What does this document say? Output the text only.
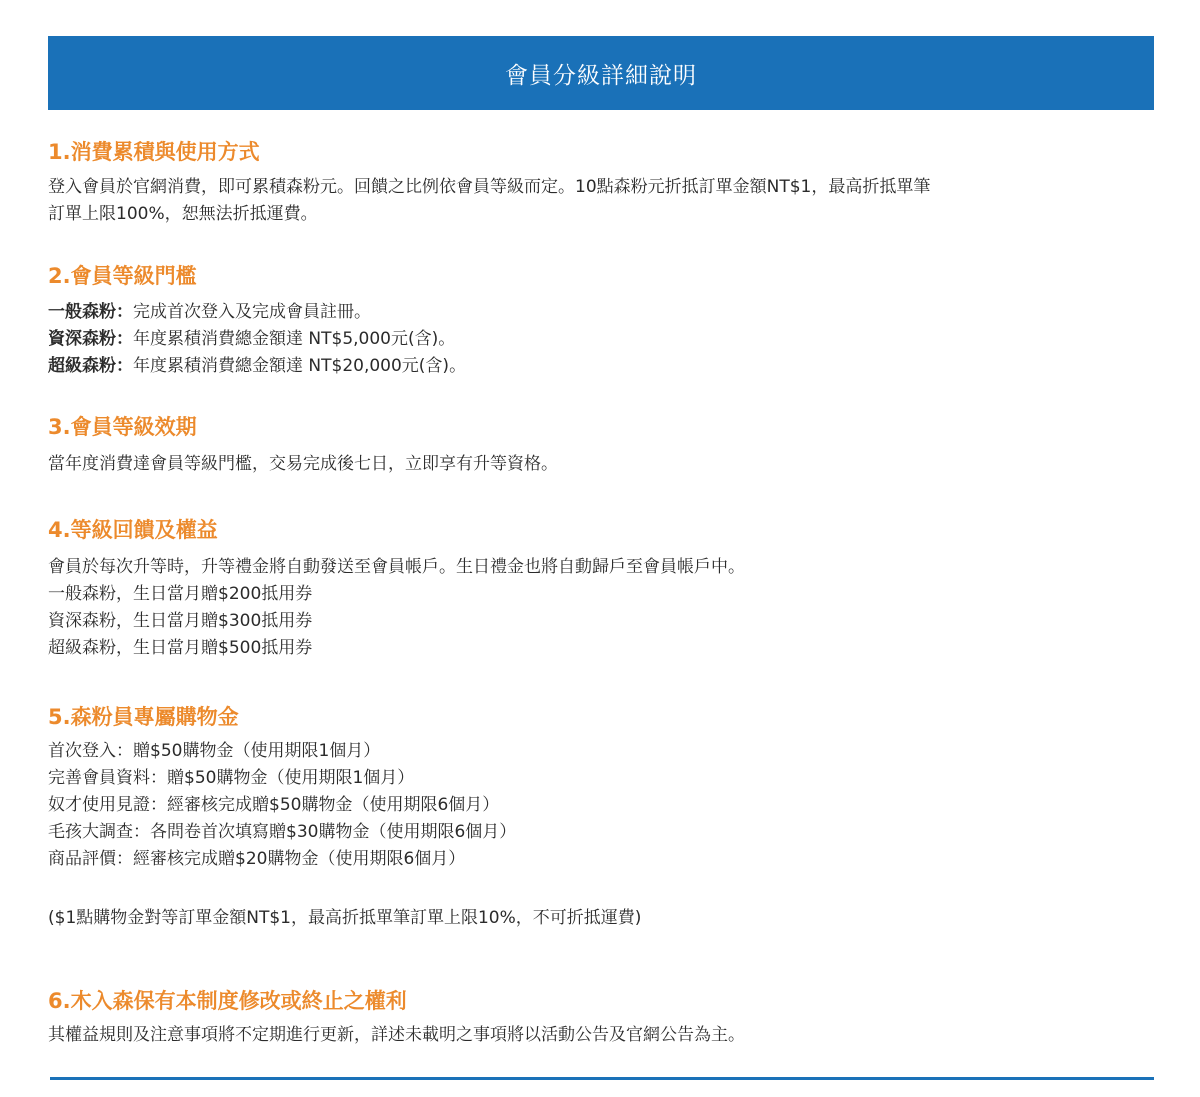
會員分級詳細說明
1.消費累積與使用方式
登入會員於官網消費，即可累積森粉元。回饋之比例依會員等級而定。10點森粉元折抵訂單金額NT$1，最高折抵單筆
訂單上限100%，恕無法折抵運費。
2.會員等級門檻
一般森粉：完成首次登入及完成會員註冊。
資深森粉：年度累積消費總金額達 NT$5,000元(含)。
超級森粉：年度累積消費總金額達 NT$20,000元(含)。
3.會員等級效期
當年度消費達會員等級門檻，交易完成後七日，立即享有升等資格。
4.等級回饋及權益
會員於每次升等時，升等禮金將自動發送至會員帳戶。生日禮金也將自動歸戶至會員帳戶中。
一般森粉，生日當月贈$200抵用券
資深森粉，生日當月贈$300抵用券
超級森粉，生日當月贈$500抵用券
5.森粉員專屬購物金
首次登入：贈$50購物金（使用期限1個月）
完善會員資料：贈$50購物金（使用期限1個月）
奴才使用見證：經審核完成贈$50購物金（使用期限6個月）
毛孩大調查：各問卷首次填寫贈$30購物金（使用期限6個月）
商品評價：經審核完成贈$20購物金（使用期限6個月）
($1點購物金對等訂單金額NT$1，最高折抵單筆訂單上限10%，不可折抵運費)
6.木入森保有本制度修改或終止之權利
其權益規則及注意事項將不定期進行更新，詳述未載明之事項將以活動公告及官網公告為主。
